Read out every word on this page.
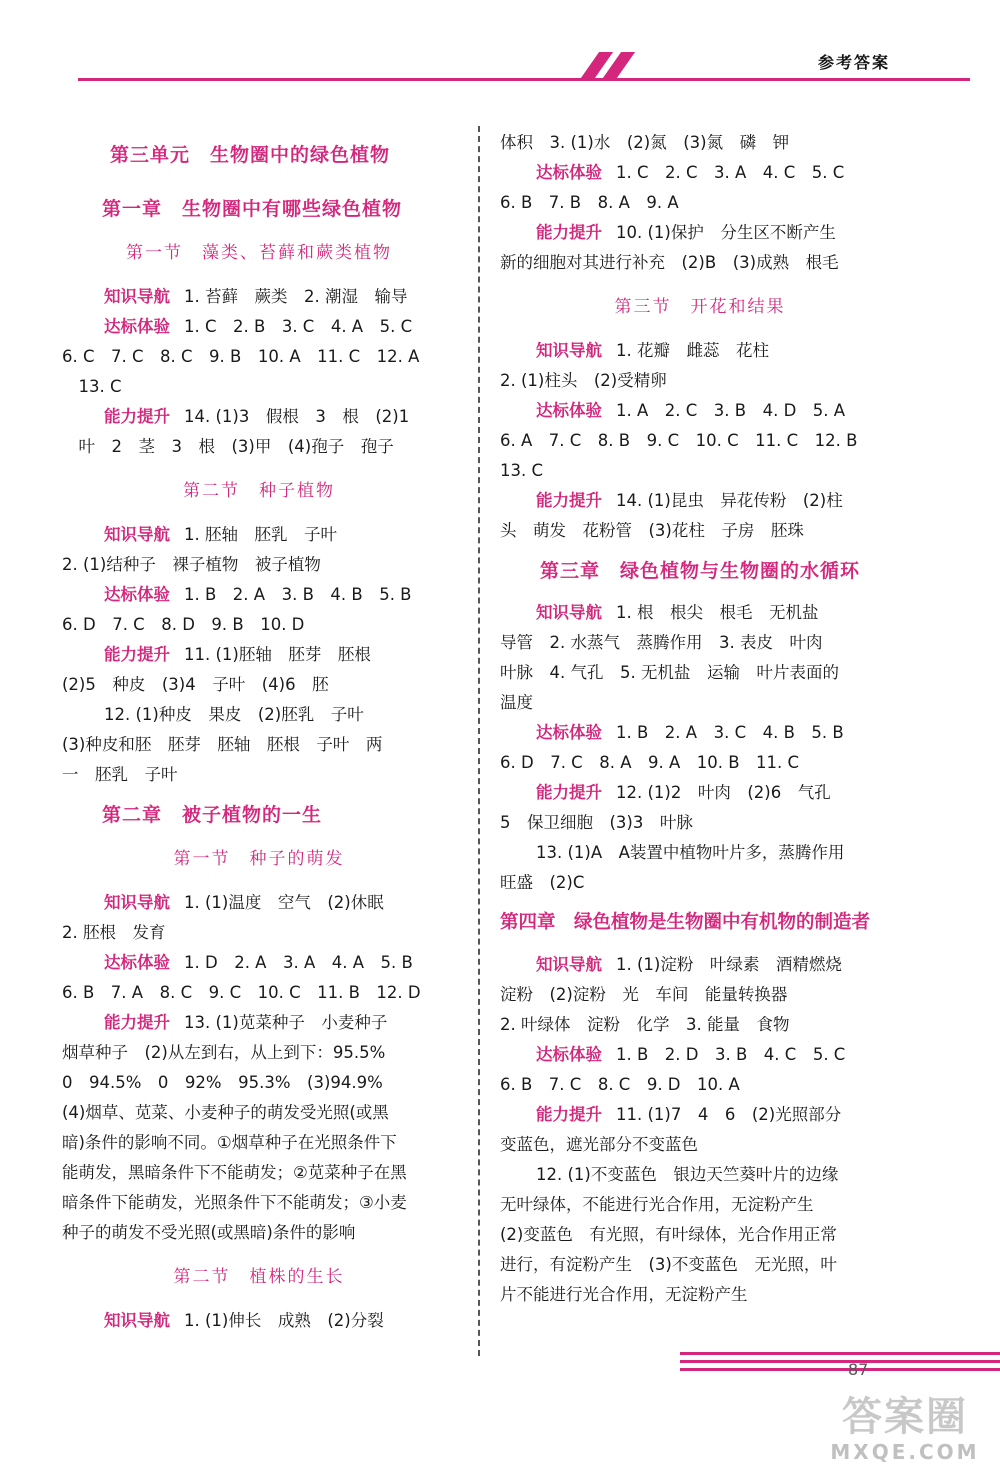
参考答案

第三单元　生物圈中的绿色植物

第一章　生物圈中有哪些绿色植物

第一节　藻类、苔藓和蕨类植物

知识导航 1. 苔藓　蕨类　2. 潮湿　输导

达标体验 1. C　2. B　3. C　4. A　5. C

6. C　7. C　8. C　9. B　10. A　11. C　12. A

　13. C

能力提升 14. (1)3　假根　3　根　(2)1

　叶　2　茎　3　根　(3)甲　(4)孢子　孢子

第二节　种子植物

知识导航 1. 胚轴　胚乳　子叶

2. (1)结种子　裸子植物　被子植物

达标体验 1. B　2. A　3. B　4. B　5. B

6. D　7. C　8. D　9. B　10. D

能力提升 11. (1)胚轴　胚芽　胚根

(2)5　种皮　(3)4　子叶　(4)6　胚

12. (1)种皮　果皮　(2)胚乳　子叶

(3)种皮和胚　胚芽　胚轴　胚根　子叶　两

一　胚乳　子叶

第二章　被子植物的一生

第一节　种子的萌发

知识导航 1. (1)温度　空气　(2)休眠

2. 胚根　发育

达标体验 1. D　2. A　3. A　4. A　5. B

6. B　7. A　8. C　9. C　10. C　11. B　12. D

能力提升 13. (1)苋菜种子　小麦种子

烟草种子　(2)从左到右，从上到下：95.5%

0　94.5%　0　92%　95.3%　(3)94.9%

(4)烟草、苋菜、小麦种子的萌发受光照(或黑

暗)条件的影响不同。①烟草种子在光照条件下

能萌发，黑暗条件下不能萌发；②苋菜种子在黑

暗条件下能萌发，光照条件下不能萌发；③小麦

种子的萌发不受光照(或黑暗)条件的影响

第二节　植株的生长

知识导航 1. (1)伸长　成熟　(2)分裂

体积　3. (1)水　(2)氮　(3)氮　磷　钾

达标体验 1. C　2. C　3. A　4. C　5. C

6. B　7. B　8. A　9. A

能力提升 10. (1)保护　分生区不断产生

新的细胞对其进行补充　(2)B　(3)成熟　根毛

第三节　开花和结果

知识导航 1. 花瓣　雌蕊　花柱

2. (1)柱头　(2)受精卵

达标体验 1. A　2. C　3. B　4. D　5. A

6. A　7. C　8. B　9. C　10. C　11. C　12. B

13. C

能力提升 14. (1)昆虫　异花传粉　(2)柱

头　萌发　花粉管　(3)花柱　子房　胚珠

第三章　绿色植物与生物圈的水循环

知识导航 1. 根　根尖　根毛　无机盐

导管　2. 水蒸气　蒸腾作用　3. 表皮　叶肉

叶脉　4. 气孔　5. 无机盐　运输　叶片表面的

温度

达标体验 1. B　2. A　3. C　4. B　5. B

6. D　7. C　8. A　9. A　10. B　11. C

能力提升 12. (1)2　叶肉　(2)6　气孔

5　保卫细胞　(3)3　叶脉

13. (1)A　A装置中植物叶片多，蒸腾作用

旺盛　(2)C

第四章　绿色植物是生物圈中有机物的制造者

知识导航 1. (1)淀粉　叶绿素　酒精燃烧

淀粉　(2)淀粉　光　车间　能量转换器

2. 叶绿体　淀粉　化学　3. 能量　食物

达标体验 1. B　2. D　3. B　4. C　5. C

6. B　7. C　8. C　9. D　10. A

能力提升 11. (1)7　4　6　(2)光照部分

变蓝色，遮光部分不变蓝色

12. (1)不变蓝色　银边天竺葵叶片的边缘

无叶绿体，不能进行光合作用，无淀粉产生

(2)变蓝色　有光照，有叶绿体，光合作用正常

进行，有淀粉产生　(3)不变蓝色　无光照，叶

片不能进行光合作用，无淀粉产生

87
答案圈
MXQE.COM
